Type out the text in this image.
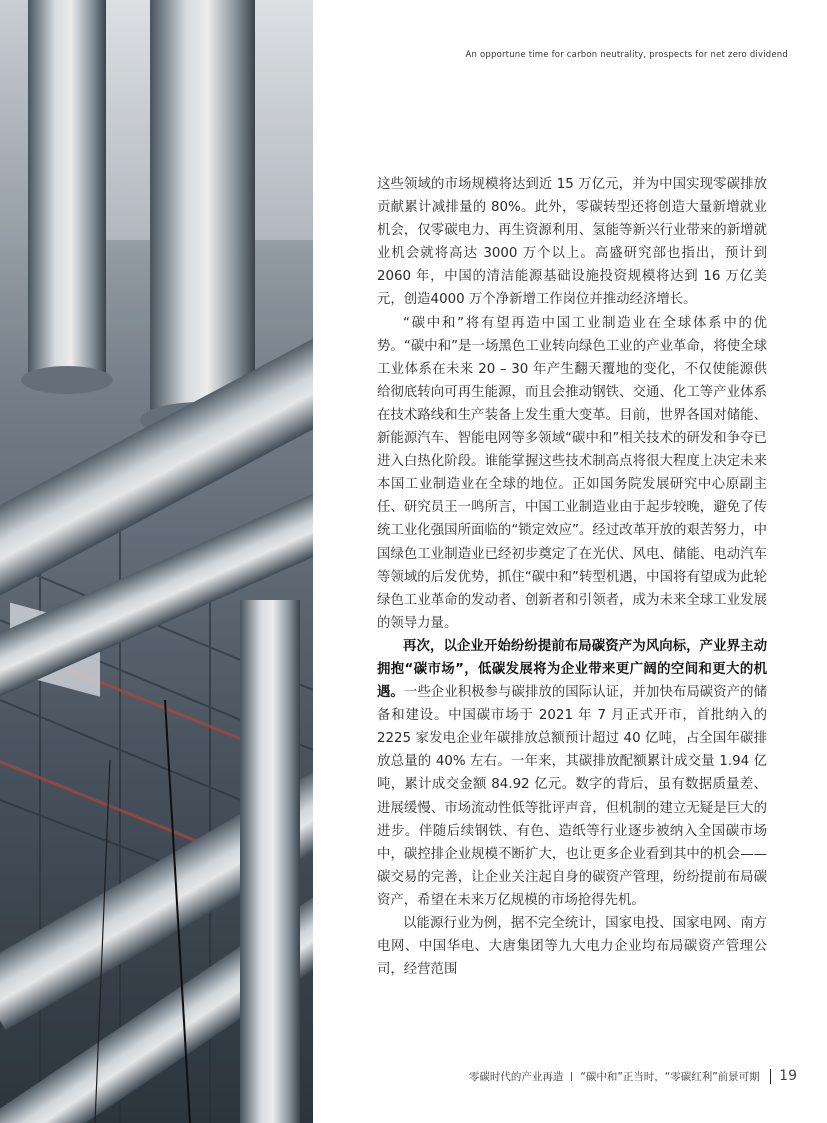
An opportune time for carbon neutrality, prospects for net zero dividend

这些领域的市场规模将达到近 15 万亿元，并为中国实现零碳排放贡献累计减排量的 80%。此外，零碳转型还将创造大量新增就业机会，仅零碳电力、再生资源利用、氢能等新兴行业带来的新增就业机会就将高达 3000 万个以上。高盛研究部也指出，预计到 2060 年，中国的清洁能源基础设施投资规模将达到 16 万亿美元，创造4000 万个净新增工作岗位并推动经济增长。

“碳中和”将有望再造中国工业制造业在全球体系中的优势。“碳中和”是一场黑色工业转向绿色工业的产业革命，将使全球工业体系在未来 20 – 30 年产生翻天覆地的变化，不仅使能源供给彻底转向可再生能源，而且会推动钢铁、交通、化工等产业体系在技术路线和生产装备上发生重大变革。目前，世界各国对储能、新能源汽车、智能电网等多领域“碳中和”相关技术的研发和争夺已进入白热化阶段。谁能掌握这些技术制高点将很大程度上决定未来本国工业制造业在全球的地位。正如国务院发展研究中心原副主任、研究员王一鸣所言，中国工业制造业由于起步较晚，避免了传统工业化强国所面临的“锁定效应”。经过改革开放的艰苦努力，中国绿色工业制造业已经初步奠定了在光伏、风电、储能、电动汽车等领域的后发优势，抓住“碳中和”转型机遇，中国将有望成为此轮绿色工业革命的发动者、创新者和引领者，成为未来全球工业发展的领导力量。

再次，以企业开始纷纷提前布局碳资产为风向标，产业界主动拥抱“碳市场”，低碳发展将为企业带来更广阔的空间和更大的机遇。一些企业积极参与碳排放的国际认证，并加快布局碳资产的储备和建设。中国碳市场于 2021 年 7 月正式开市，首批纳入的 2225 家发电企业年碳排放总额预计超过 40 亿吨，占全国年碳排放总量的 40% 左右。一年来，其碳排放配额累计成交量 1.94 亿吨，累计成交金额 84.92 亿元。数字的背后，虽有数据质量差、进展缓慢、市场流动性低等批评声音，但机制的建立无疑是巨大的进步。伴随后续钢铁、有色、造纸等行业逐步被纳入全国碳市场中，碳控排企业规模不断扩大，也让更多企业看到其中的机会——碳交易的完善，让企业关注起自身的碳资产管理，纷纷提前布局碳资产，希望在未来万亿规模的市场抢得先机。

以能源行业为例，据不完全统计，国家电投、国家电网、南方电网、中国华电、大唐集团等九大电力企业均布局碳资产管理公司，经营范围

零碳时代的产业再造 “碳中和”正当时，“零碳红利”前景可期 19
